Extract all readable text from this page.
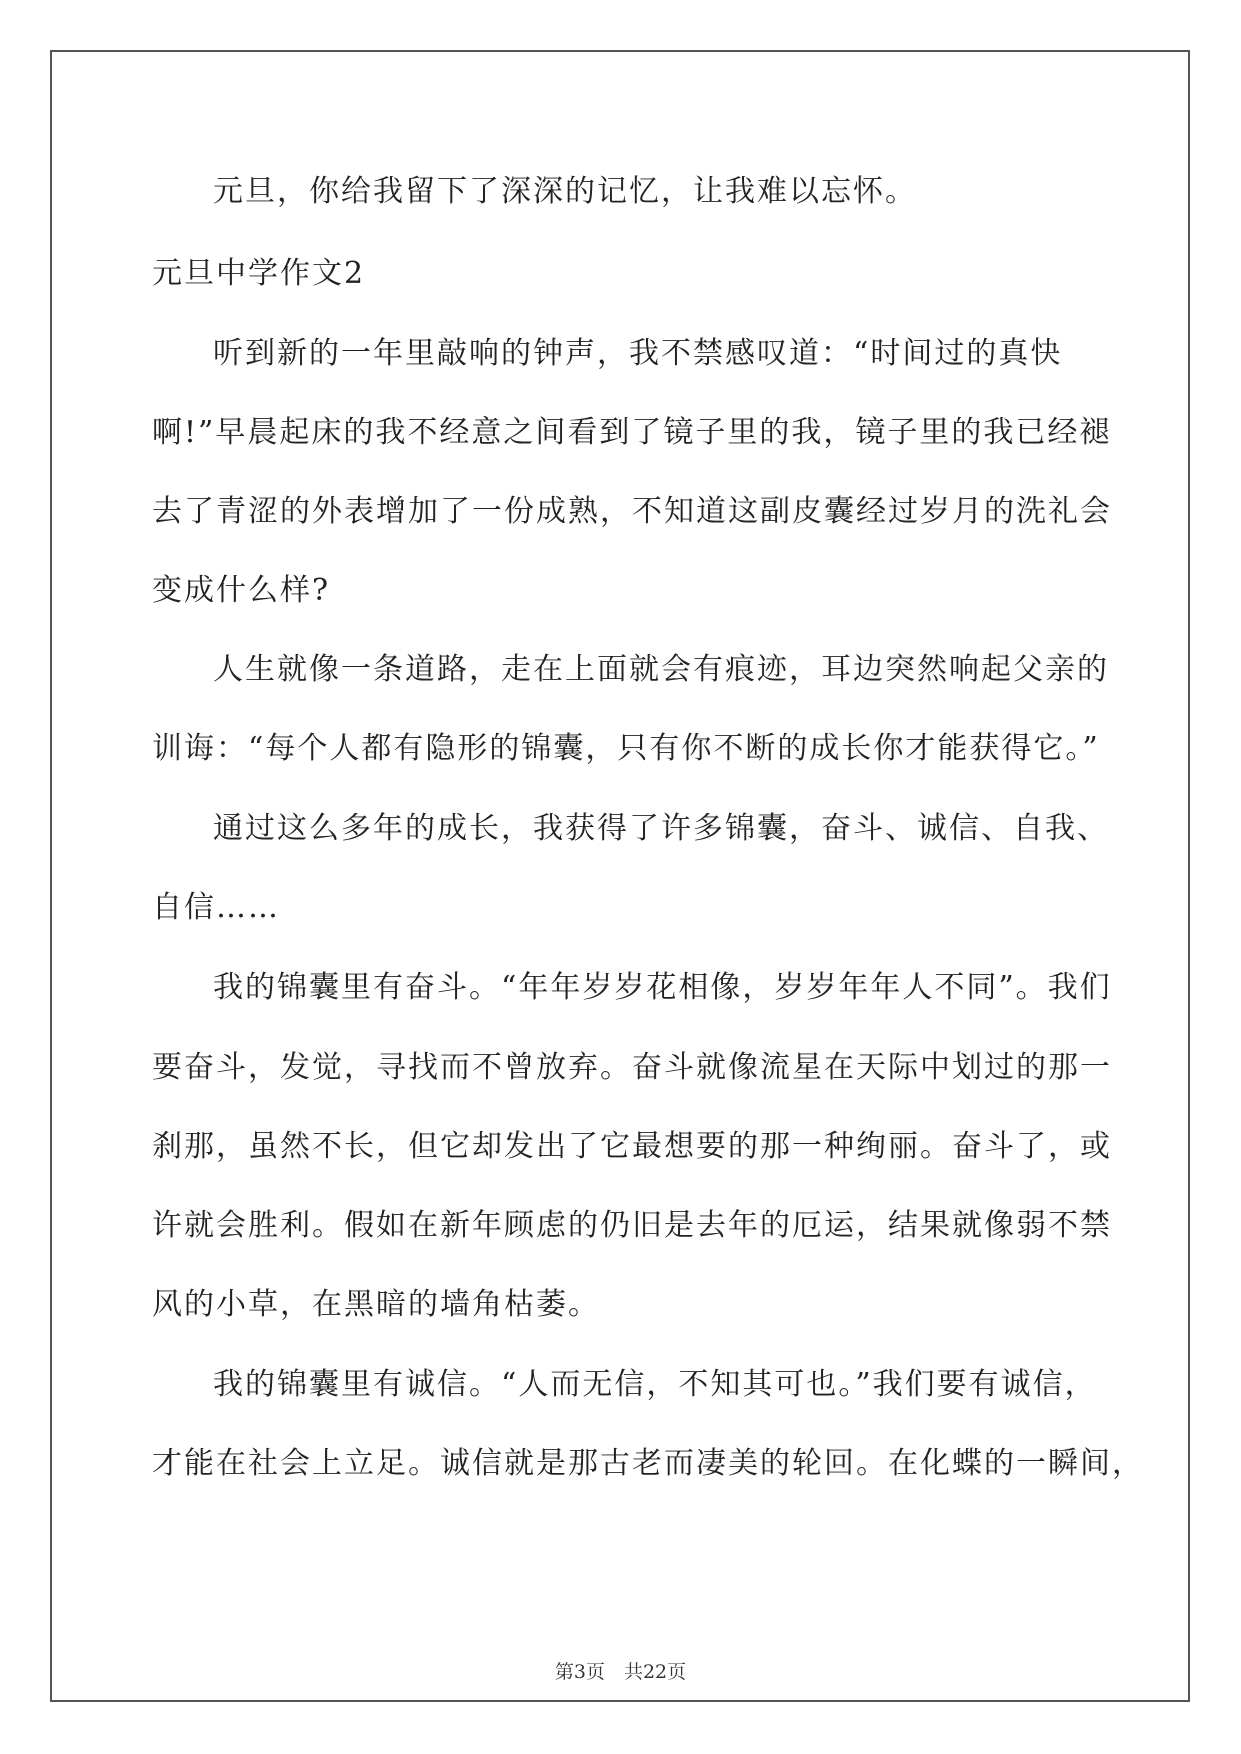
元旦，你给我留下了深深的记忆，让我难以忘怀。
元旦中学作文2
听到新的一年里敲响的钟声，我不禁感叹道：“时间过的真快
啊!”早晨起床的我不经意之间看到了镜子里的我，镜子里的我已经褪
去了青涩的外表增加了一份成熟，不知道这副皮囊经过岁月的洗礼会
变成什么样?
人生就像一条道路，走在上面就会有痕迹，耳边突然响起父亲的
训诲：“每个人都有隐形的锦囊，只有你不断的成长你才能获得它。”
通过这么多年的成长，我获得了许多锦囊，奋斗、诚信、自我、
自信……
我的锦囊里有奋斗。“年年岁岁花相像，岁岁年年人不同”。我们
要奋斗，发觉，寻找而不曾放弃。奋斗就像流星在天际中划过的那一
刹那，虽然不长，但它却发出了它最想要的那一种绚丽。奋斗了，或
许就会胜利。假如在新年顾虑的仍旧是去年的厄运，结果就像弱不禁
风的小草，在黑暗的墙角枯萎。
我的锦囊里有诚信。“人而无信，不知其可也。”我们要有诚信，
才能在社会上立足。诚信就是那古老而凄美的轮回。在化蝶的一瞬间，
第3页　共22页
